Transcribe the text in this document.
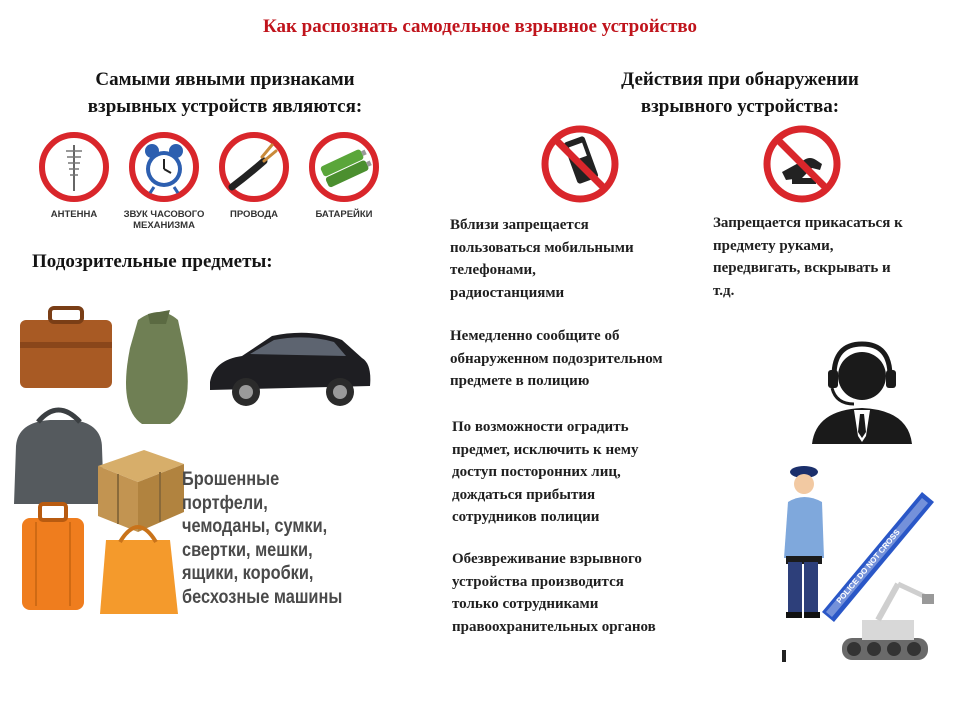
Как распознать самодельное взрывное устройство
Самыми явными признаками
взрывных устройств являются:
Действия при обнаружении
взрывного устройства:
АНТЕННА	ЗВУК ЧАСОВОГО
МЕХАНИЗМА
ПРОВОДА	БАТАРЕЙКИ
Подозрительные предметы:
Брошенные портфели,
чемоданы, сумки,
свертки, мешки,
ящики, коробки,
бесхозные машины
Вблизи запрещается
пользоваться мобильными
телефонами,
радиостанциями
Запрещается прикасаться к
предмету руками,
передвигать, вскрывать и
т.д.
Немедленно сообщите об
обнаруженном подозрительном
предмете в полицию
По возможности оградить
предмет, исключить к нему
доступ посторонних лиц,
дождаться прибытия
сотрудников полиции
Обезвреживание взрывного
устройства производится
только сотрудниками
правоохранительных органов
POLICE DO NOT CROSS
